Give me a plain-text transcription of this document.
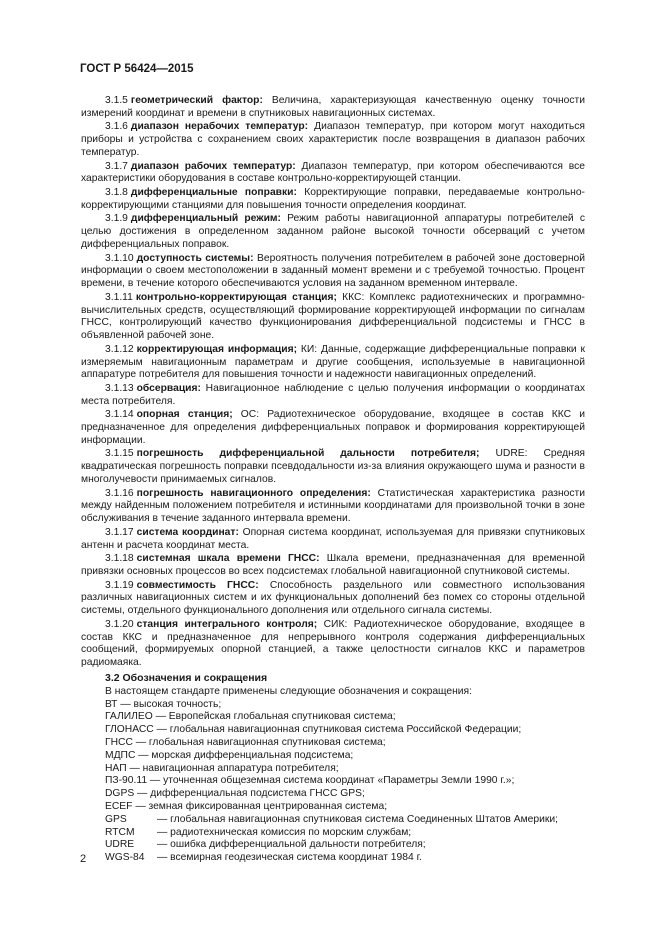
ГОСТ Р 56424—2015

3.1.5 геометрический фактор: Величина, характеризующая качественную оценку точности измерений координат и времени в спутниковых навигационных системах.

3.1.6 диапазон нерабочих температур: Диапазон температур, при котором могут находиться приборы и устройства с сохранением своих характеристик после возвращения в диапазон рабочих температур.

3.1.7 диапазон рабочих температур: Диапазон температур, при котором обеспечиваются все характеристики оборудования в составе контрольно-корректирующей станции.

3.1.8 дифференциальные поправки: Корректирующие поправки, передаваемые контрольно-корректирующими станциями для повышения точности определения координат.

3.1.9 дифференциальный режим: Режим работы навигационной аппаратуры потребителей с целью достижения в определенном заданном районе высокой точности обсерваций с учетом дифференциальных поправок.

3.1.10 доступность системы: Вероятность получения потребителем в рабочей зоне достоверной информации о своем местоположении в заданный момент времени и с требуемой точностью. Процент времени, в течение которого обеспечиваются условия на заданном временном интервале.

3.1.11 контрольно-корректирующая станция; ККС: Комплекс радиотехнических и программно-вычислительных средств, осуществляющий формирование корректирующей информации по сигналам ГНСС, контролирующий качество функционирования дифференциальной подсистемы и ГНСС в объявленной рабочей зоне.

3.1.12 корректирующая информация; КИ: Данные, содержащие дифференциальные поправки к измеряемым навигационным параметрам и другие сообщения, используемые в навигационной аппаратуре потребителя для повышения точности и надежности навигационных определений.

3.1.13 обсервация: Навигационное наблюдение с целью получения информации о координатах места потребителя.

3.1.14 опорная станция; ОС: Радиотехническое оборудование, входящее в состав ККС и предназначенное для определения дифференциальных поправок и формирования корректирующей информации.

3.1.15 погрешность дифференциальной дальности потребителя; UDRE: Средняя квадратическая погрешность поправки псевдодальности из-за влияния окружающего шума и разности в многолучевости принимаемых сигналов.

3.1.16 погрешность навигационного определения: Статистическая характеристика разности между найденным положением потребителя и истинными координатами для произвольной точки в зоне обслуживания в течение заданного интервала времени.

3.1.17 система координат: Опорная система координат, используемая для привязки спутниковых антенн и расчета координат места.

3.1.18 системная шкала времени ГНСС: Шкала времени, предназначенная для временной привязки основных процессов во всех подсистемах глобальной навигационной спутниковой системы.

3.1.19 совместимость ГНСС: Способность раздельного или совместного использования различных навигационных систем и их функциональных дополнений без помех со стороны отдельной системы, отдельного функционального дополнения или отдельного сигнала системы.

3.1.20 станция интегрального контроля; СИК: Радиотехническое оборудование, входящее в состав ККС и предназначенное для непрерывного контроля содержания дифференциальных сообщений, формируемых опорной станцией, а также целостности сигналов ККС и параметров радиомаяка.

3.2 Обозначения и сокращения

В настоящем стандарте применены следующие обозначения и сокращения:

ВТ — высокая точность;
ГАЛИЛЕО — Европейская глобальная спутниковая система;
ГЛОНАСС — глобальная навигационная спутниковая система Российской Федерации;
ГНСС — глобальная навигационная спутниковая система;
МДПС — морская дифференциальная подсистема;
НАП — навигационная аппаратура потребителя;
ПЗ-90.11 — уточненная общеземная система координат «Параметры Земли 1990 г.»;
DGPS — дифференциальная подсистема ГНСС GPS;
ECEF — земная фиксированная центрированная система;
GPS	— глобальная навигационная спутниковая система Соединенных Штатов Америки;
RTCM	— радиотехническая комиссия по морским службам;
UDRE	— ошибка дифференциальной дальности потребителя;
WGS-84	— всемирная геодезическая система координат 1984 г.
2
